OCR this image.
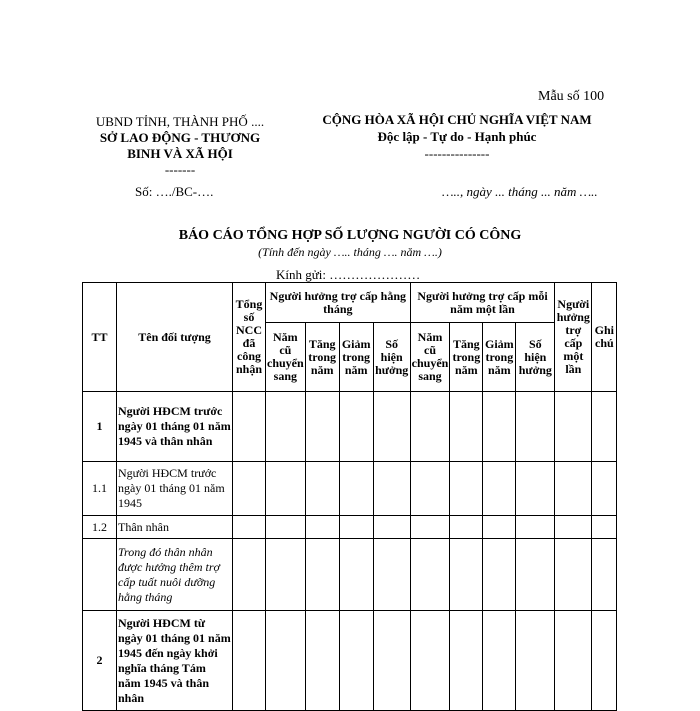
Mẫu số 100
UBND TỈNH, THÀNH PHỐ ....
SỞ LAO ĐỘNG - THƯƠNG
BINH VÀ XÃ HỘI
-------
CỘNG HÒA XÃ HỘI CHỦ NGHĨA VIỆT NAM
Độc lập - Tự do - Hạnh phúc
---------------
Số: …./BC-….	….., ngày ... tháng ... năm …..
BÁO CÁO TỔNG HỢP SỐ LƯỢNG NGƯỜI CÓ CÔNG
(Tính đến ngày ….. tháng …. năm ….)
Kính gửi: …………………
TT	Tên đối tượng	Tổng số NCC đã công nhận	Người hưởng trợ cấp hằng tháng				Người hưởng trợ cấp mỗi năm một lần				Người hưởng trợ cấp một lần	Ghi chú
			Năm cũ chuyển sang	Tăng trong năm	Giảm trong năm	Số hiện hưởng	Năm cũ chuyển sang	Tăng trong năm	Giảm trong năm	Số hiện hưởng		
1	Người HĐCM trước ngày 01 tháng 01 năm 1945 và thân nhân											
1.1	Người HĐCM trước ngày 01 tháng 01 năm 1945											
1.2	Thân nhân											
	Trong đó thân nhân được hưởng thêm trợ cấp tuất nuôi dưỡng hằng tháng											
2	Người HĐCM từ ngày 01 tháng 01 năm 1945 đến ngày khởi nghĩa tháng Tám năm 1945 và thân nhân											
